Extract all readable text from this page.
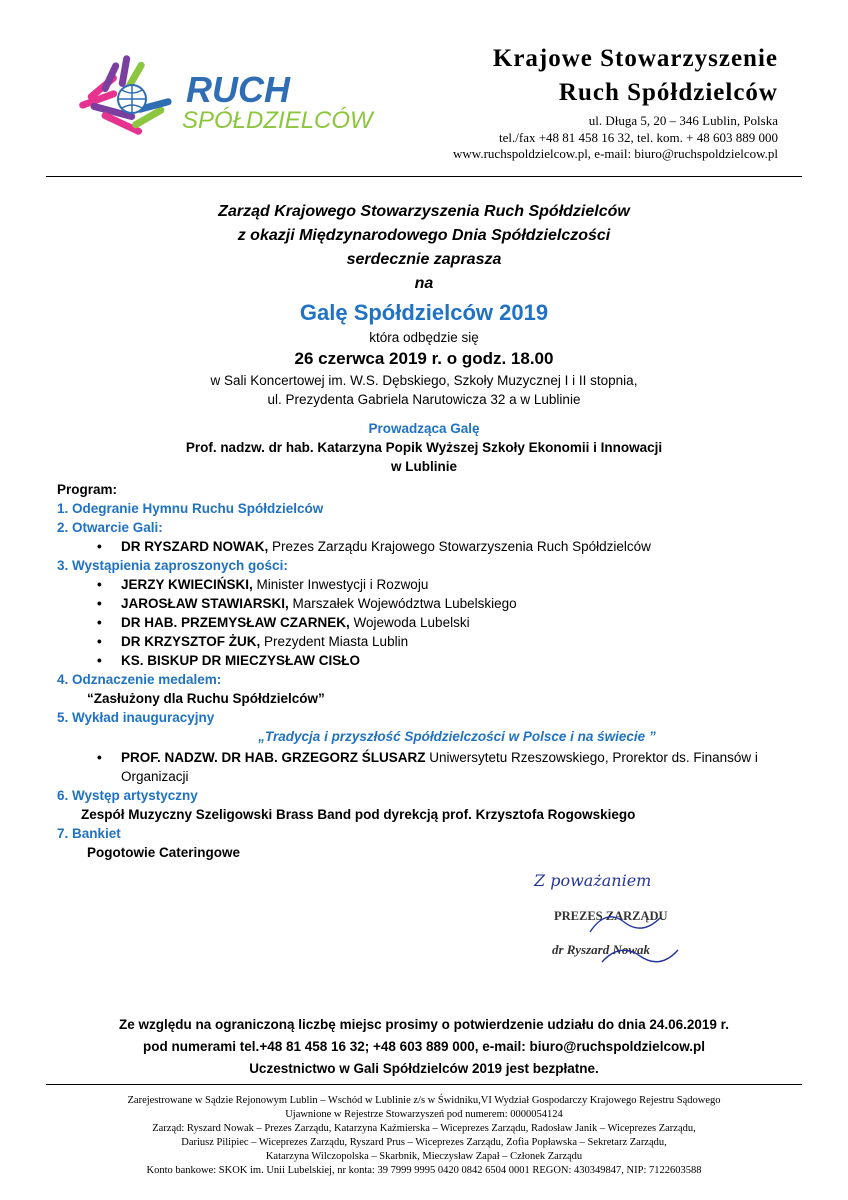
RUCH
SPÓŁDZIELCÓW
Krajowe Stowarzyszenie
Ruch Spółdzielców
ul. Długa 5, 20 – 346 Lublin, Polska
tel./fax +48 81 458 16 32, tel. kom. + 48 603 889 000
www.ruchspoldzielcow.pl, e-mail: biuro@ruchspoldzielcow.pl
Zarząd Krajowego Stowarzyszenia Ruch Spółdzielców
z okazji Międzynarodowego Dnia Spółdzielczości
serdecznie zaprasza
na
Galę Spółdzielców 2019
która odbędzie się
26 czerwca 2019 r. o godz. 18.00
w Sali Koncertowej im. W.S. Dębskiego, Szkoły Muzycznej I i II stopnia,
ul. Prezydenta Gabriela Narutowicza 32 a w Lublinie
Prowadząca Galę
Prof. nadzw. dr hab. Katarzyna Popik Wyższej Szkoły Ekonomii i Innowacji
w Lublinie
Program:
1. Odegranie Hymnu Ruchu Spółdzielców
2. Otwarcie Gali:
• DR RYSZARD NOWAK, Prezes Zarządu Krajowego Stowarzyszenia Ruch Spółdzielców
3. Wystąpienia zaproszonych gości:
• JERZY KWIECIŃSKI, Minister Inwestycji i Rozwoju
• JAROSŁAW STAWIARSKI, Marszałek Województwa Lubelskiego
• DR HAB. PRZEMYSŁAW CZARNEK, Wojewoda Lubelski
• DR KRZYSZTOF ŻUK, Prezydent Miasta Lublin
• KS. BISKUP DR MIECZYSŁAW CISŁO
4. Odznaczenie medalem:
“Zasłużony dla Ruchu Spółdzielców”
5. Wykład inauguracyjny
„Tradycja i przyszłość Spółdzielczości w Polsce i na świecie ”
• PROF. NADZW. DR HAB. GRZEGORZ ŚLUSARZ Uniwersytetu Rzeszowskiego, Prorektor ds. Finansów i Organizacji
6. Występ artystyczny
Zespół Muzyczny Szeligowski Brass Band pod dyrekcją prof. Krzysztofa Rogowskiego
7. Bankiet
Pogotowie Cateringowe
Z poważaniem
PREZES ZARZĄDU
dr Ryszard Nowak
Ze względu na ograniczoną liczbę miejsc prosimy o potwierdzenie udziału do dnia 24.06.2019 r.
pod numerami tel.+48 81 458 16 32; +48 603 889 000, e-mail: biuro@ruchspoldzielcow.pl
Uczestnictwo w Gali Spółdzielców 2019 jest bezpłatne.
Zarejestrowane w Sądzie Rejonowym Lublin – Wschód w Lublinie z/s w Świdniku,VI Wydział Gospodarczy Krajowego Rejestru Sądowego
Ujawnione w Rejestrze Stowarzyszeń pod numerem: 0000054124
Zarząd: Ryszard Nowak – Prezes Zarządu, Katarzyna Kaźmierska – Wiceprezes Zarządu, Radosław Janik – Wiceprezes Zarządu,
Dariusz Pilipiec – Wiceprezes Zarządu, Ryszard Prus – Wiceprezes Zarządu, Zofia Popławska – Sekretarz Zarządu,
Katarzyna Wilczopolska – Skarbnik, Mieczysław Zapał – Członek Zarządu
Konto bankowe: SKOK im. Unii Lubelskiej, nr konta: 39 7999 9995 0420 0842 6504 0001 REGON: 430349847, NIP: 7122603588
